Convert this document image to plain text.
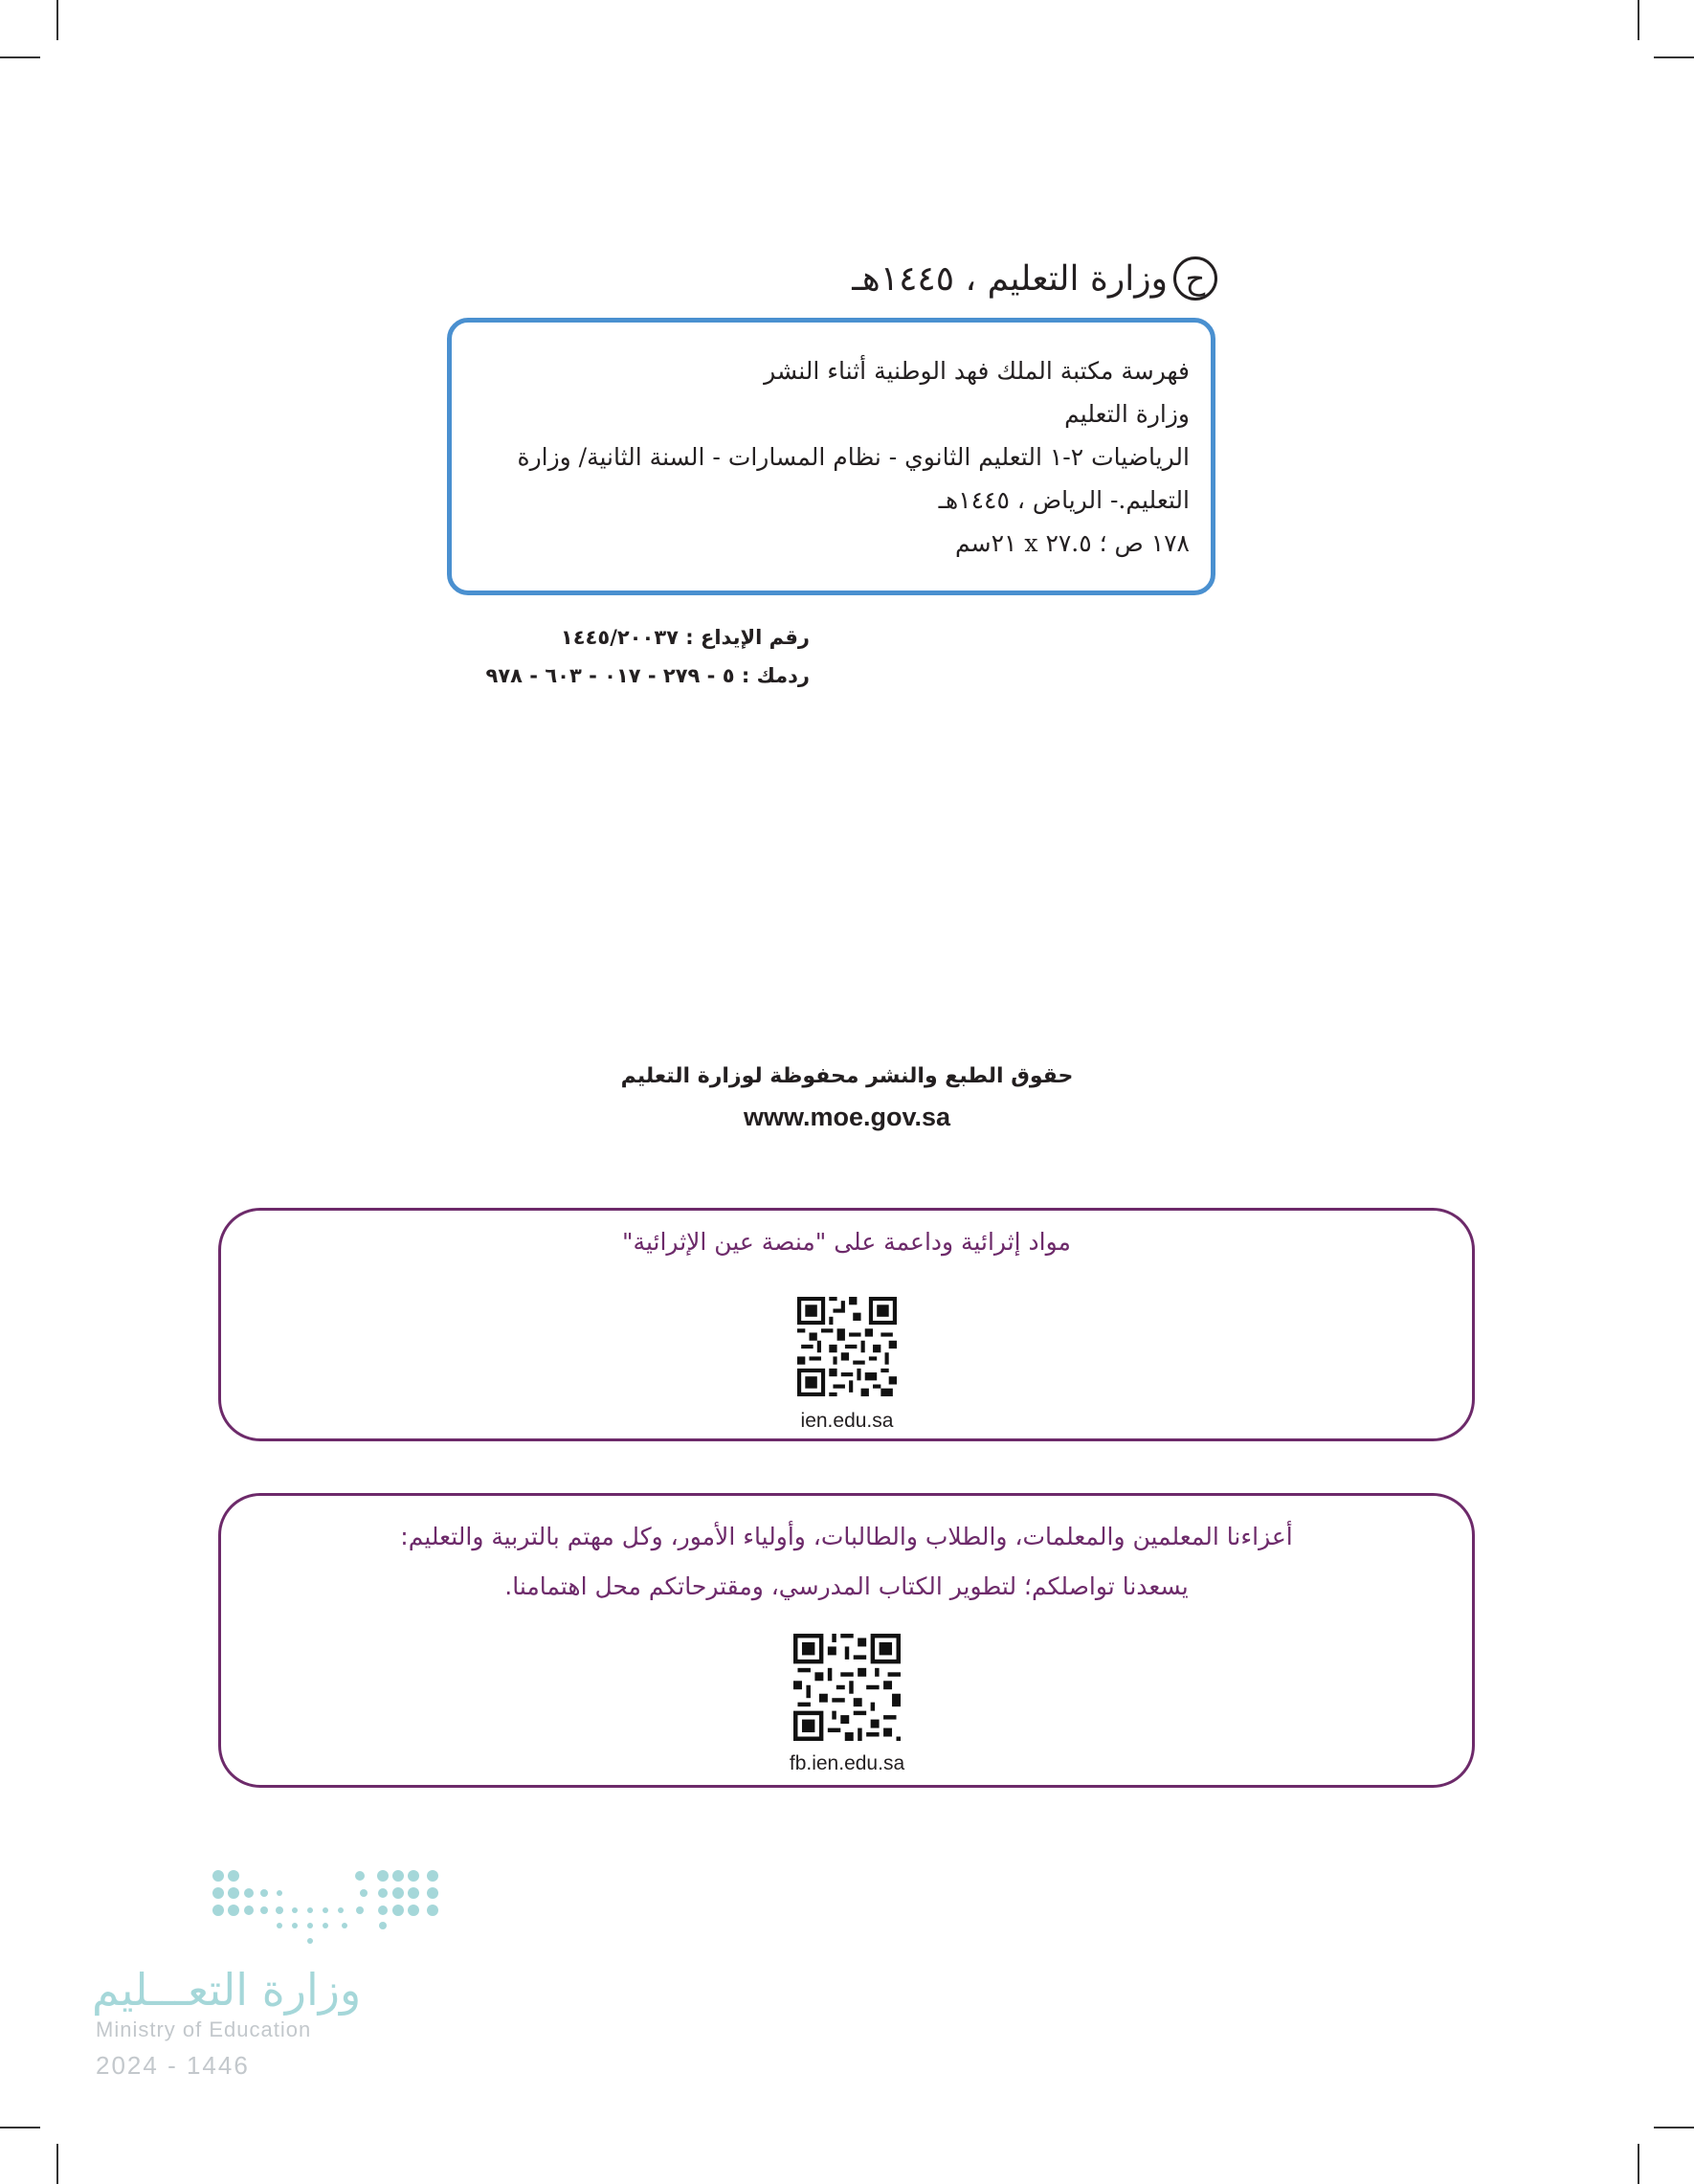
ح
وزارة التعليم ، ١٤٤٥هـ
فهرسة مكتبة الملك فهد الوطنية أثناء النشر
وزارة التعليم
الرياضيات ٢-١ التعليم الثانوي - نظام المسارات - السنة الثانية/ وزارة
التعليم.- الرياض ، ١٤٤٥هـ
١٧٨ ص ؛ ٢٧.٥ x ٢١سم
رقم الإيداع : ١٤٤٥/٢٠٠٣٧
ردمك : ٥ - ٢٧٩ - ٠١٧ - ٦٠٣ - ٩٧٨
حقوق الطبع والنشر محفوظة لوزارة التعليم
www.moe.gov.sa
مواد إثرائية وداعمة على "منصة عين الإثرائية"
ien.edu.sa
أعزاءنا المعلمين والمعلمات، والطلاب والطالبات، وأولياء الأمور، وكل مهتم بالتربية والتعليم:
يسعدنا تواصلكم؛ لتطوير الكتاب المدرسي، ومقترحاتكم محل اهتمامنا.
fb.ien.edu.sa
وزارة التعـــليم
Ministry of Education
2024 - 1446
